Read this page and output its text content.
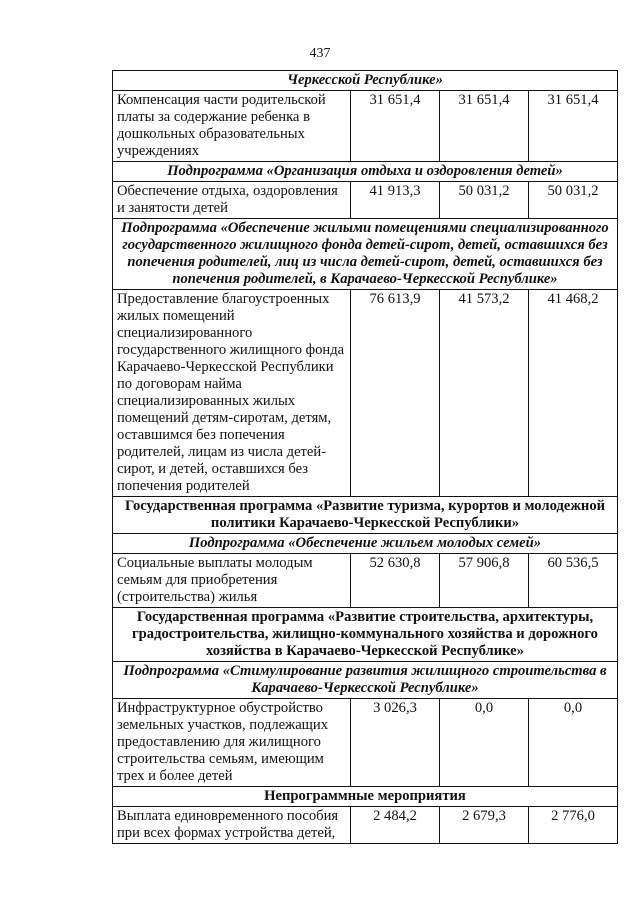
437
Черкесской Республике»			
Компенсация части родительской платы за содержание ребенка в дошкольных образовательных учреждениях	31 651,4	31 651,4	31 651,4
Подпрограмма «Организация отдыха и оздоровления детей»			
Обеспечение отдыха, оздоровления и занятости детей	41 913,3	50 031,2	50 031,2
Подпрограмма «Обеспечение жилыми помещениями специализированного государственного жилищного фонда детей-сирот, детей, оставшихся без попечения родителей, лиц из числа детей-сирот, детей, оставшихся без попечения родителей, в Карачаево-Черкесской Республике»			
Предоставление благоустроенных жилых помещений специализированного государственного жилищного фонда Карачаево-Черкесской Республики по договорам найма специализированных жилых помещений детям-сиротам, детям, оставшимся без попечения родителей, лицам из числа детей-сирот, и детей, оставшихся без попечения родителей	76 613,9	41 573,2	41 468,2
Государственная программа «Развитие туризма, курортов и молодежной политики Карачаево-Черкесской Республики»			
Подпрограмма «Обеспечение жильем молодых семей»			
Социальные выплаты молодым семьям для приобретения (строительства) жилья	52 630,8	57 906,8	60 536,5
Государственная программа «Развитие строительства, архитектуры, градостроительства, жилищно-коммунального хозяйства и дорожного хозяйства в Карачаево-Черкесской Республике»			
Подпрограмма «Стимулирование развития жилищного строительства в Карачаево-Черкесской Республике»			
Инфраструктурное обустройство земельных участков, подлежащих предоставлению для жилищного строительства семьям, имеющим трех и более детей	3 026,3	0,0	0,0
Непрограммные мероприятия			
Выплата единовременного пособия при всех формах устройства детей,	2 484,2	2 679,3	2 776,0
